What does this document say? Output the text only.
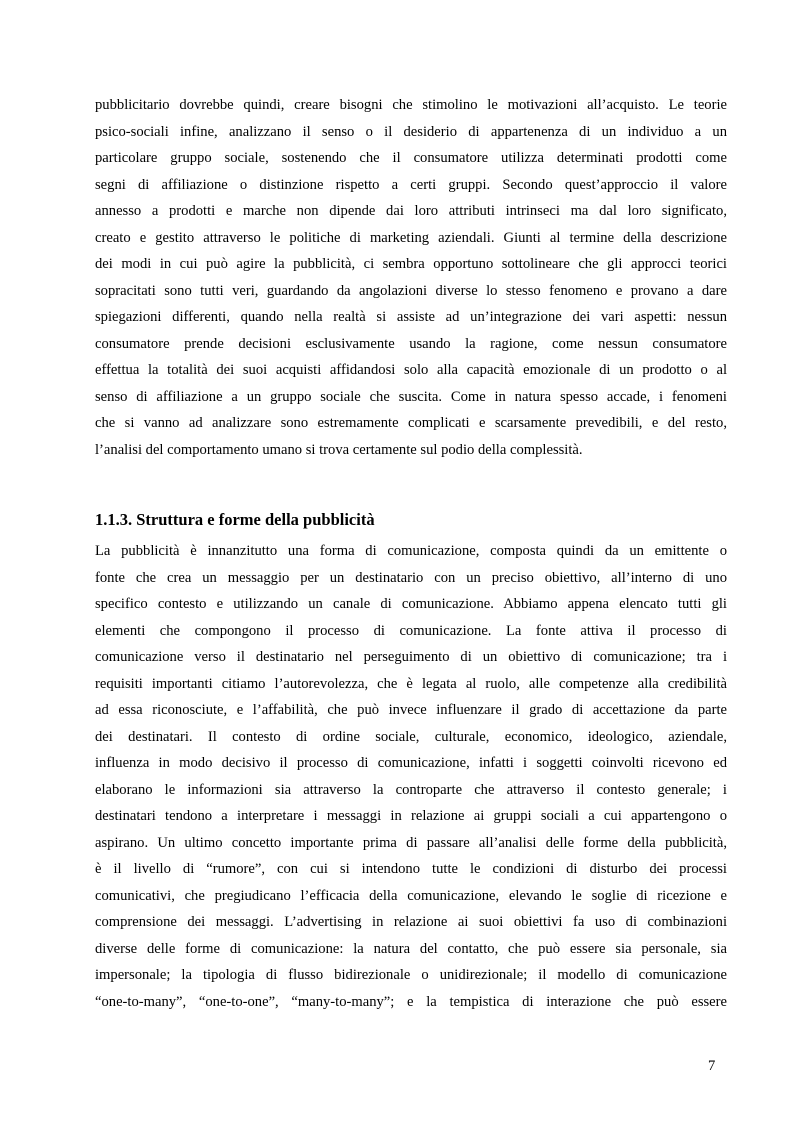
pubblicitario dovrebbe quindi, creare bisogni che stimolino le motivazioni all’acquisto. Le teorie
psico-sociali infine, analizzano il senso o il desiderio di appartenenza di un individuo a un
particolare gruppo sociale, sostenendo che il consumatore utilizza determinati prodotti come
segni di affiliazione o distinzione rispetto a certi gruppi. Secondo quest’approccio il valore
annesso a prodotti e marche non dipende dai loro attributi intrinseci ma dal loro significato,
creato e gestito attraverso le politiche di marketing aziendali. Giunti al termine della descrizione
dei modi in cui può agire la pubblicità, ci sembra opportuno sottolineare che gli approcci teorici
sopracitati sono tutti veri, guardando da angolazioni diverse lo stesso fenomeno e provano a dare
spiegazioni differenti, quando nella realtà si assiste ad un’integrazione dei vari aspetti: nessun
consumatore prende decisioni esclusivamente usando la ragione, come nessun consumatore
effettua la totalità dei suoi acquisti affidandosi solo alla capacità emozionale di un prodotto o al
senso di affiliazione a un gruppo sociale che suscita. Come in natura spesso accade, i fenomeni
che si vanno ad analizzare sono estremamente complicati e scarsamente prevedibili, e del resto,
l’analisi del comportamento umano si trova certamente sul podio della complessità.
1.1.3. Struttura e forme della pubblicità
La pubblicità è innanzitutto una forma di comunicazione, composta quindi da un emittente o
fonte che crea un messaggio per un destinatario con un preciso obiettivo, all’interno di uno
specifico contesto e utilizzando un canale di comunicazione. Abbiamo appena elencato tutti gli
elementi che compongono il processo di comunicazione. La fonte attiva il processo di
comunicazione verso il destinatario nel perseguimento di un obiettivo di comunicazione; tra i
requisiti importanti citiamo l’autorevolezza, che è legata al ruolo, alle competenze alla credibilità
ad essa riconosciute, e l’affabilità, che può invece influenzare il grado di accettazione da parte
dei destinatari. Il contesto di ordine sociale, culturale, economico, ideologico, aziendale,
influenza in modo decisivo il processo di comunicazione, infatti i soggetti coinvolti ricevono ed
elaborano le informazioni sia attraverso la controparte che attraverso il contesto generale; i
destinatari tendono a interpretare i messaggi in relazione ai gruppi sociali a cui appartengono o
aspirano. Un ultimo concetto importante prima di passare all’analisi delle forme della pubblicità,
è il livello di “rumore”, con cui si intendono tutte le condizioni di disturbo dei processi
comunicativi, che pregiudicano l’efficacia della comunicazione, elevando le soglie di ricezione e
comprensione dei messaggi. L’advertising in relazione ai suoi obiettivi fa uso di combinazioni
diverse delle forme di comunicazione: la natura del contatto, che può essere sia personale, sia
impersonale; la tipologia di flusso bidirezionale o unidirezionale; il modello di comunicazione
“one-to-many”, “one-to-one”, “many-to-many”; e la tempistica di interazione che può essere
7
